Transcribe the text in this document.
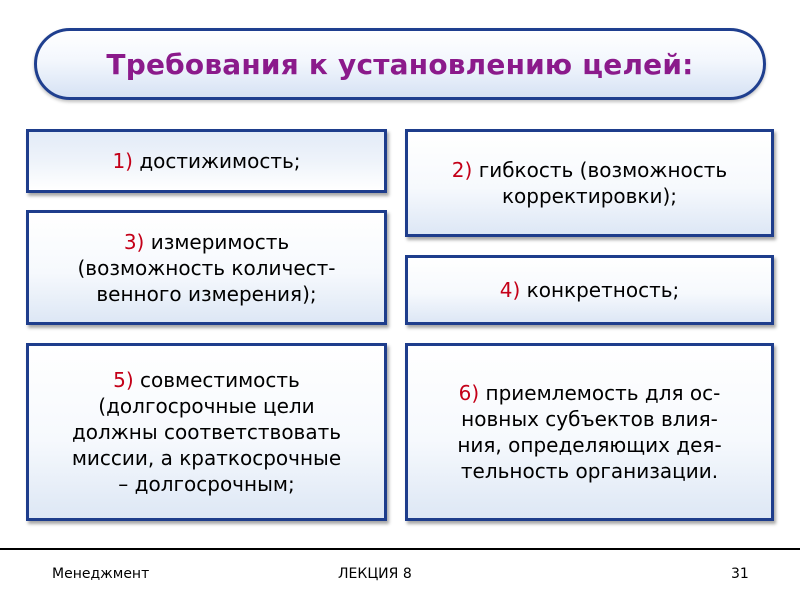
Требования к установлению целей:
1) достижимость;	2) гибкость (возможность
корректировки);
3) измеримость
(возможность количест-
венного измерения);	4) конкретность;
5) совместимость
(долгосрочные цели
должны соответствовать
миссии, а краткосрочные
– долгосрочным;
6) приемлемость для ос-
новных субъектов влия-
ния, определяющих дея-
тельность организации.
Менеджмент	ЛЕКЦИЯ 8	31
